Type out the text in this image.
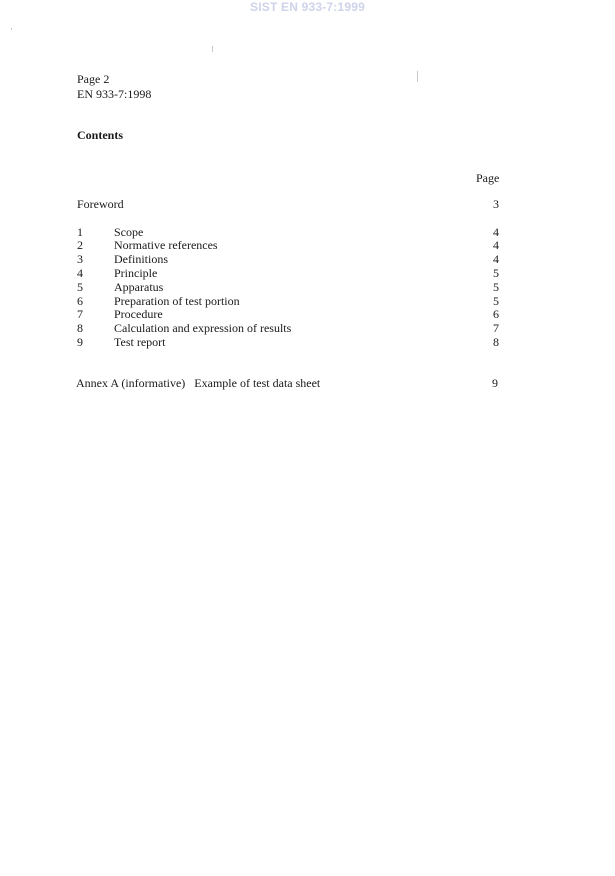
SIST EN 933-7:1999
Page 2
EN 933-7:1998
Contents
Page
Foreword	3
1	Scope	4
2	Normative references	4
3	Definitions	4
4	Principle	5
5	Apparatus	5
6	Preparation of test portion	5
7	Procedure	6
8	Calculation and expression of results	7
9	Test report	8
Annex A (informative)   Example of test data sheet	9
